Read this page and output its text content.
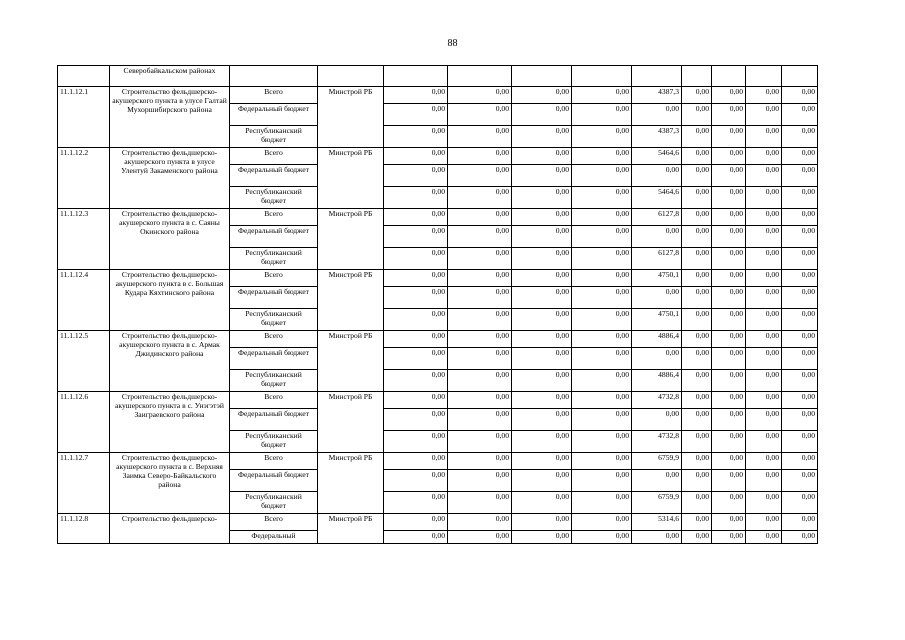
88
	Северобайкальском районах											
11.1.12.1	Строительство фельдшерско-акушерского пункта в улусе Галтай Мухоршибирского района	Всего	Минстрой РБ	0,00	0,00	0,00	0,00	4387,3	0,00	0,00	0,00	0,00
		Федеральный бюджет		0,00	0,00	0,00	0,00	0,00	0,00	0,00	0,00	0,00
		Республиканский бюджет		0,00	0,00	0,00	0,00	4387,3	0,00	0,00	0,00	0,00
11.1.12.2	Строительство фельдшерско-акушерского пункта в улусе Улентуй Закаменского района	Всего	Минстрой РБ	0,00	0,00	0,00	0,00	5464,6	0,00	0,00	0,00	0,00
		Федеральный бюджет		0,00	0,00	0,00	0,00	0,00	0,00	0,00	0,00	0,00
		Республиканский бюджет		0,00	0,00	0,00	0,00	5464,6	0,00	0,00	0,00	0,00
11.1.12.3	Строительство фельдшерско-акушерского пункта в с. Саяны Окинского района	Всего	Минстрой РБ	0,00	0,00	0,00	0,00	6127,8	0,00	0,00	0,00	0,00
		Федеральный бюджет		0,00	0,00	0,00	0,00	0,00	0,00	0,00	0,00	0,00
		Республиканский бюджет		0,00	0,00	0,00	0,00	6127,8	0,00	0,00	0,00	0,00
11.1.12.4	Строительство фельдшерско-акушерского пункта в с. Большая Кудара Кяхтинского района	Всего	Минстрой РБ	0,00	0,00	0,00	0,00	4750,1	0,00	0,00	0,00	0,00
		Федеральный бюджет		0,00	0,00	0,00	0,00	0,00	0,00	0,00	0,00	0,00
		Республиканский бюджет		0,00	0,00	0,00	0,00	4750,1	0,00	0,00	0,00	0,00
11.1.12.5	Строительство фельдшерско-акушерского пункта в с. Армак Джидинского района	Всего	Минстрой РБ	0,00	0,00	0,00	0,00	4886,4	0,00	0,00	0,00	0,00
		Федеральный бюджет		0,00	0,00	0,00	0,00	0,00	0,00	0,00	0,00	0,00
		Республиканский бюджет		0,00	0,00	0,00	0,00	4886,4	0,00	0,00	0,00	0,00
11.1.12.6	Строительство фельдшерско-акушерского пункта в с. Унэгэтэй Заиграевского района	Всего	Минстрой РБ	0,00	0,00	0,00	0,00	4732,8	0,00	0,00	0,00	0,00
		Федеральный бюджет		0,00	0,00	0,00	0,00	0,00	0,00	0,00	0,00	0,00
		Республиканский бюджет		0,00	0,00	0,00	0,00	4732,8	0,00	0,00	0,00	0,00
11.1.12.7	Строительство фельдшерско-акушерского пункта в с. Верхняя Заимка Северо-Байкальского района	Всего	Минстрой РБ	0,00	0,00	0,00	0,00	6759,9	0,00	0,00	0,00	0,00
		Федеральный бюджет		0,00	0,00	0,00	0,00	0,00	0,00	0,00	0,00	0,00
		Республиканский бюджет		0,00	0,00	0,00	0,00	6759,9	0,00	0,00	0,00	0,00
11.1.12.8	Строительство фельдшерско-	Всего	Минстрой РБ	0,00	0,00	0,00	0,00	5314,6	0,00	0,00	0,00	0,00
		Федеральный		0,00	0,00	0,00	0,00	0,00	0,00	0,00	0,00	0,00
